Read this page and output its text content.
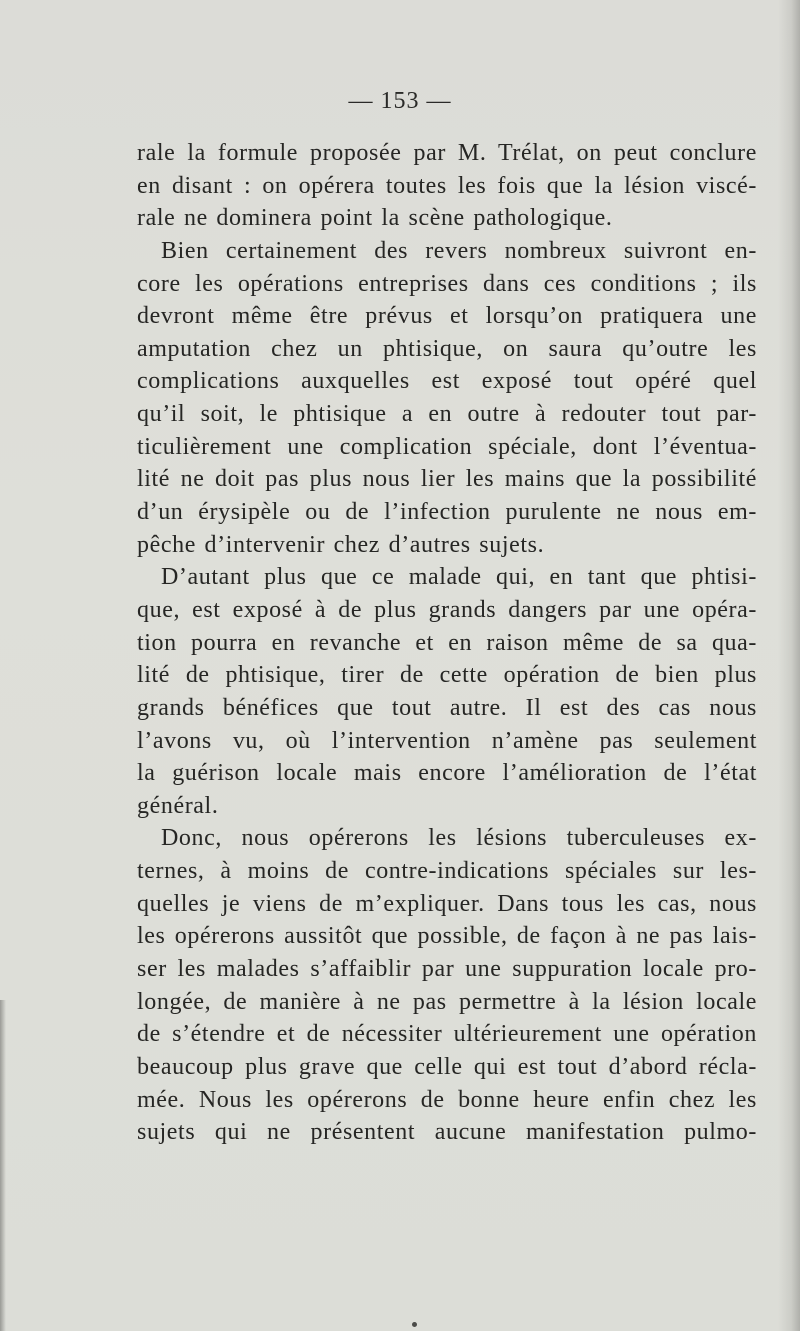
— 153 —
rale la formule proposée par M. Trélat, on peut conclure
en disant : on opérera toutes les fois que la lésion viscé-
rale ne dominera point la scène pathologique.
Bien certainement des revers nombreux suivront en-
core les opérations entreprises dans ces conditions ; ils
devront même être prévus et lorsqu’on pratiquera une
amputation chez un phtisique, on saura qu’outre les
complications auxquelles est exposé tout opéré quel
qu’il soit, le phtisique a en outre à redouter tout par-
ticulièrement une complication spéciale, dont l’éventua-
lité ne doit pas plus nous lier les mains que la possibilité
d’un érysipèle ou de l’infection purulente ne nous em-
pêche d’intervenir chez d’autres sujets.
D’autant plus que ce malade qui, en tant que phtisi-
que, est exposé à de plus grands dangers par une opéra-
tion pourra en revanche et en raison même de sa qua-
lité de phtisique, tirer de cette opération de bien plus
grands bénéfices que tout autre. Il est des cas nous
l’avons vu, où l’intervention n’amène pas seulement
la guérison locale mais encore l’amélioration de l’état
général.
Donc, nous opérerons les lésions tuberculeuses ex-
ternes, à moins de contre-indications spéciales sur les-
quelles je viens de m’expliquer. Dans tous les cas, nous
les opérerons aussitôt que possible, de façon à ne pas lais-
ser les malades s’affaiblir par une suppuration locale pro-
longée, de manière à ne pas permettre à la lésion locale
de s’étendre et de nécessiter ultérieurement une opération
beaucoup plus grave que celle qui est tout d’abord récla-
mée. Nous les opérerons de bonne heure enfin chez les
sujets qui ne présentent aucune manifestation pulmo-
